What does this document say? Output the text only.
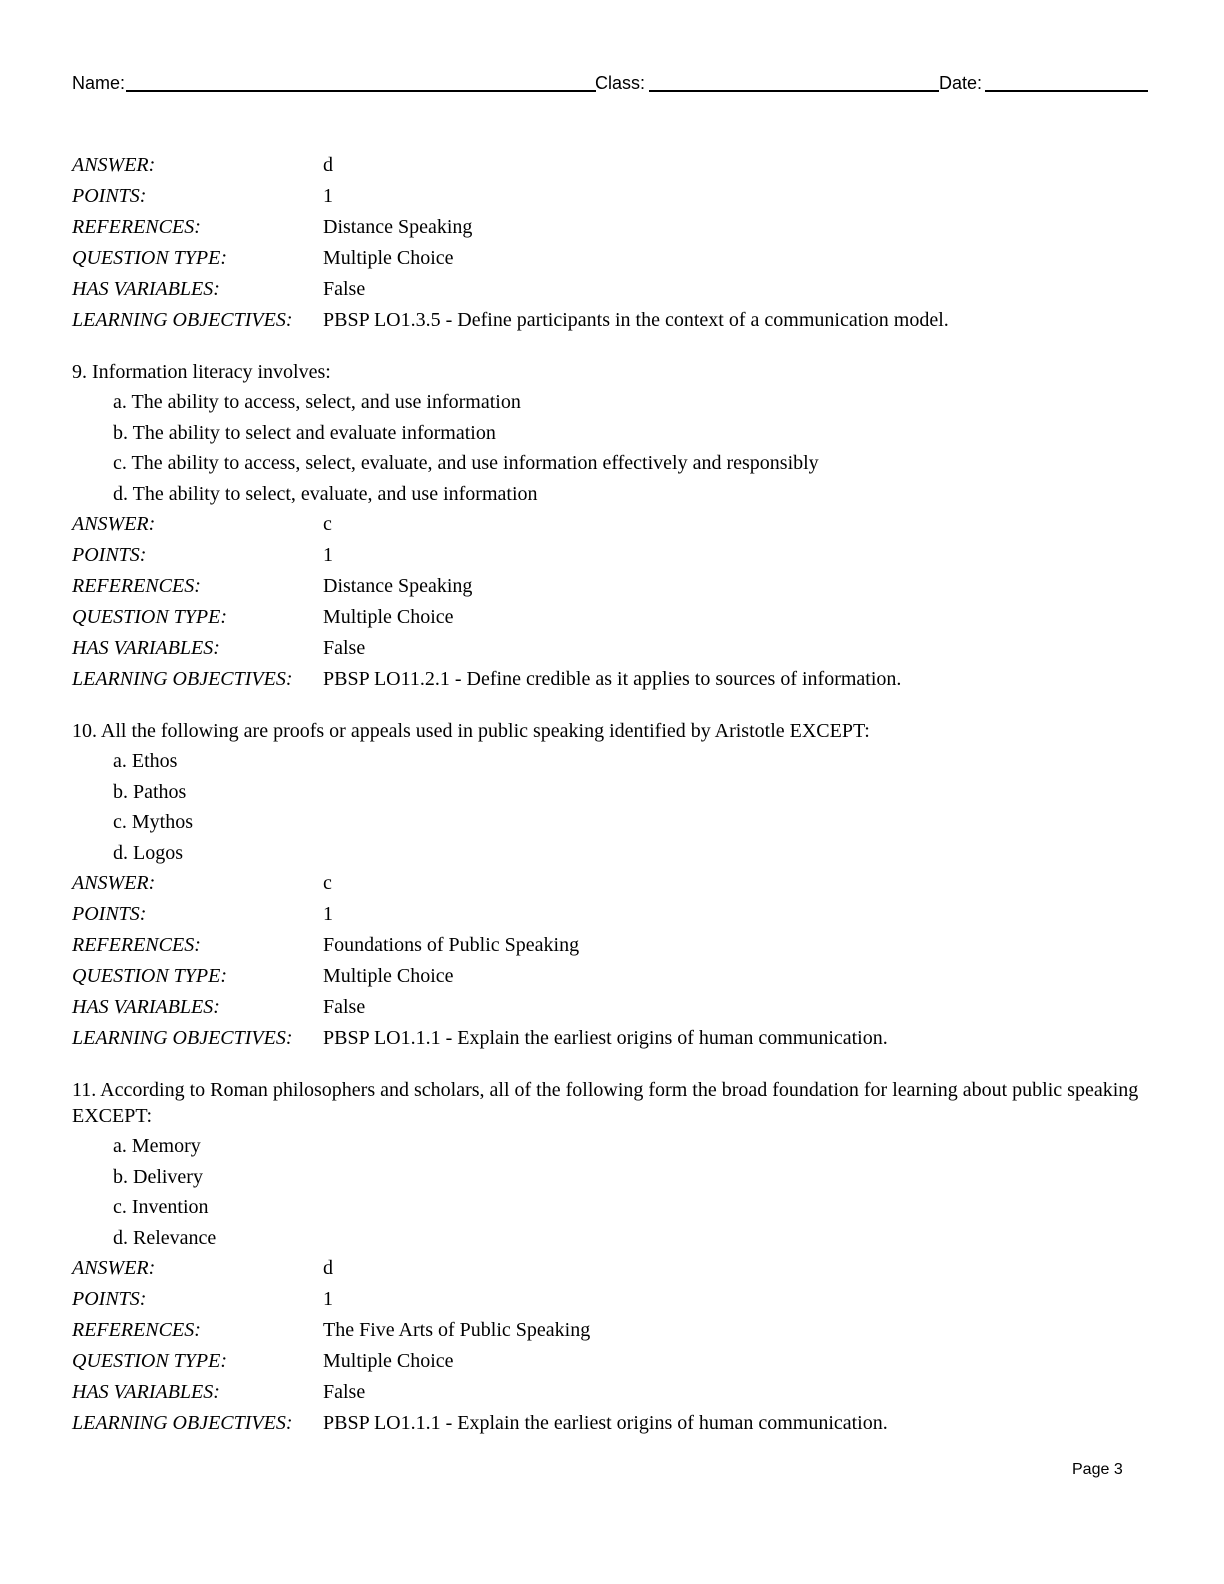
Name:	Class:	Date:
ANSWER:	d
POINTS:	1
REFERENCES:	Distance Speaking
QUESTION TYPE:	Multiple Choice
HAS VARIABLES:	False
LEARNING OBJECTIVES:	PBSP LO1.3.5 - Define participants in the context of a communication model.
9. Information literacy involves:
a. The ability to access, select, and use information
b. The ability to select and evaluate information
c. The ability to access, select, evaluate, and use information effectively and responsibly
d. The ability to select, evaluate, and use information
ANSWER:	c
POINTS:	1
REFERENCES:	Distance Speaking
QUESTION TYPE:	Multiple Choice
HAS VARIABLES:	False
LEARNING OBJECTIVES:	PBSP LO11.2.1 - Define credible as it applies to sources of information.
10. All the following are proofs or appeals used in public speaking identified by Aristotle EXCEPT:
a. Ethos
b. Pathos
c. Mythos
d. Logos
ANSWER:	c
POINTS:	1
REFERENCES:	Foundations of Public Speaking
QUESTION TYPE:	Multiple Choice
HAS VARIABLES:	False
LEARNING OBJECTIVES:	PBSP LO1.1.1 - Explain the earliest origins of human communication.
11. According to Roman philosophers and scholars, all of the following form the broad foundation for learning about public speaking EXCEPT:
a. Memory
b. Delivery
c. Invention
d. Relevance
ANSWER:	d
POINTS:	1
REFERENCES:	The Five Arts of Public Speaking
QUESTION TYPE:	Multiple Choice
HAS VARIABLES:	False
LEARNING OBJECTIVES:	PBSP LO1.1.1 - Explain the earliest origins of human communication.
Page 3
